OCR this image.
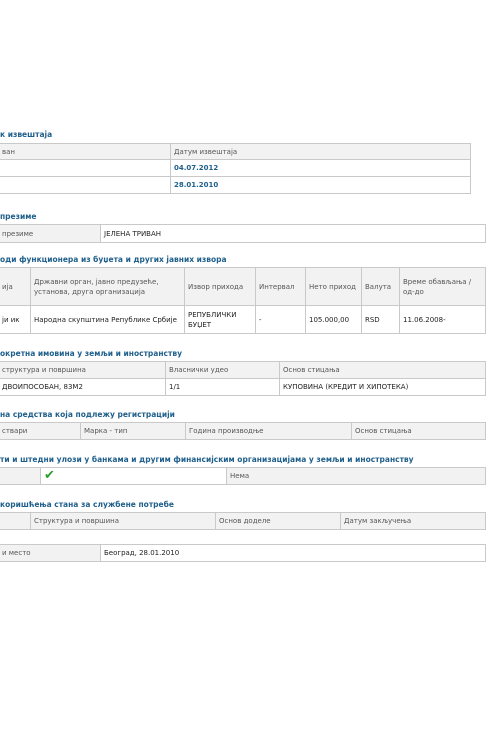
к извештаја
ван	Датум извештаја
	04.07.2012
	28.01.2010
презиме
презиме	ЈЕЛЕНА ТРИВАН
оди функционера из буџета и других јавних извора
ија	Државни орган, јавно предузеће, установа, друга организација	Извор прихода	Интервал	Нето приход	Валута	Време обављања / од-до
ји ик	Народна скупштина Републике Србије	РЕПУБЛИЧКИ БУЏЕТ	-	105.000,00	RSD	11.06.2008-
окретна имовина у земљи и иностранству
структура и површина	Власнички удео	Основ стицања
ДВОИПОСОБАН, 83М2	1/1	КУПОВИНА (КРЕДИТ И ХИПОТЕКА)
на средства која подлежу регистрацији
ствари	Марка - тип	Година производње	Основ стицања
ти и штедни улози у банкама и другим финансијским организацијама у земљи и иностранству
	✔	Нема
коришћења стана за службене потребе
	Структура и површина	Основ доделе	Датум закључења
и место	Београд, 28.01.2010
